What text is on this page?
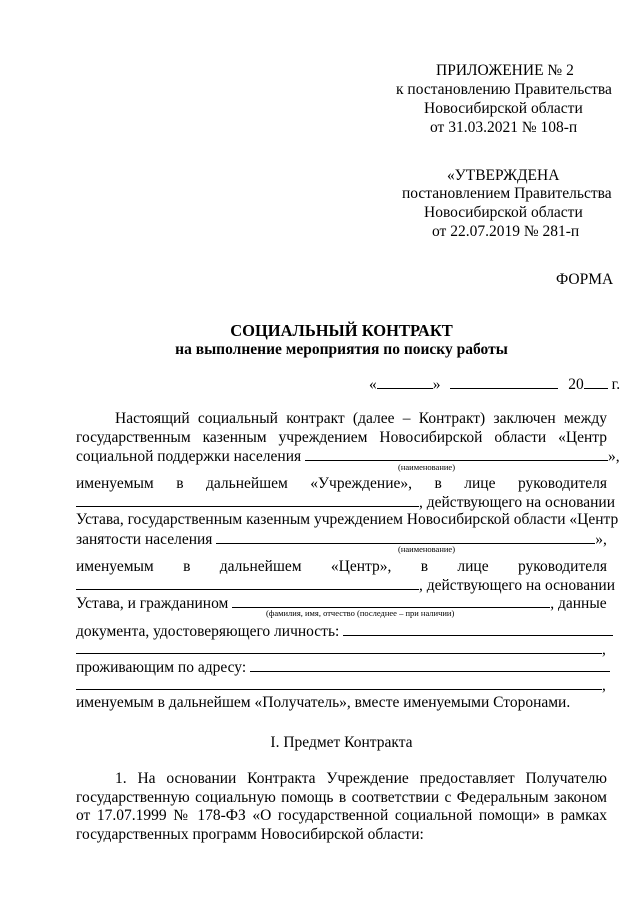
ПРИЛОЖЕНИЕ № 2
к постановлению Правительства
Новосибирской области
от 31.03.2021 № 108-п
«УТВЕРЖДЕНА
постановлением Правительства
Новосибирской области
от 22.07.2019 № 281-п
ФОРМА
СОЦИАЛЬНЫЙ КОНТРАКТ
на выполнение мероприятия по поиску работы
«	»	20 г.
Настоящий социальный контракт (далее – Контракт) заключен между
государственным казенным учреждением Новосибирской области «Центр
социальной поддержки населения	»,
(наименование)
именуемым в дальнейшем «Учреждение», в лице руководителя
, действующего на основании
Устава, государственным казенным учреждением Новосибирской области «Центр
занятости населения	»,
(наименование)
именуемым в дальнейшем «Центр», в лице руководителя
, действующего на основании
Устава, и гражданином	, данные
(фамилия, имя, отчество (последнее – при наличии)
документа, удостоверяющего личность:
,
проживающим по адресу:
,
именуемым в дальнейшем «Получатель», вместе именуемыми Сторонами.
I. Предмет Контракта
1. На основании Контракта Учреждение предоставляет Получателю
государственную социальную помощь в соответствии с Федеральным законом
от 17.07.1999 № 178-ФЗ «О государственной социальной помощи» в рамках
государственных программ Новосибирской области:
